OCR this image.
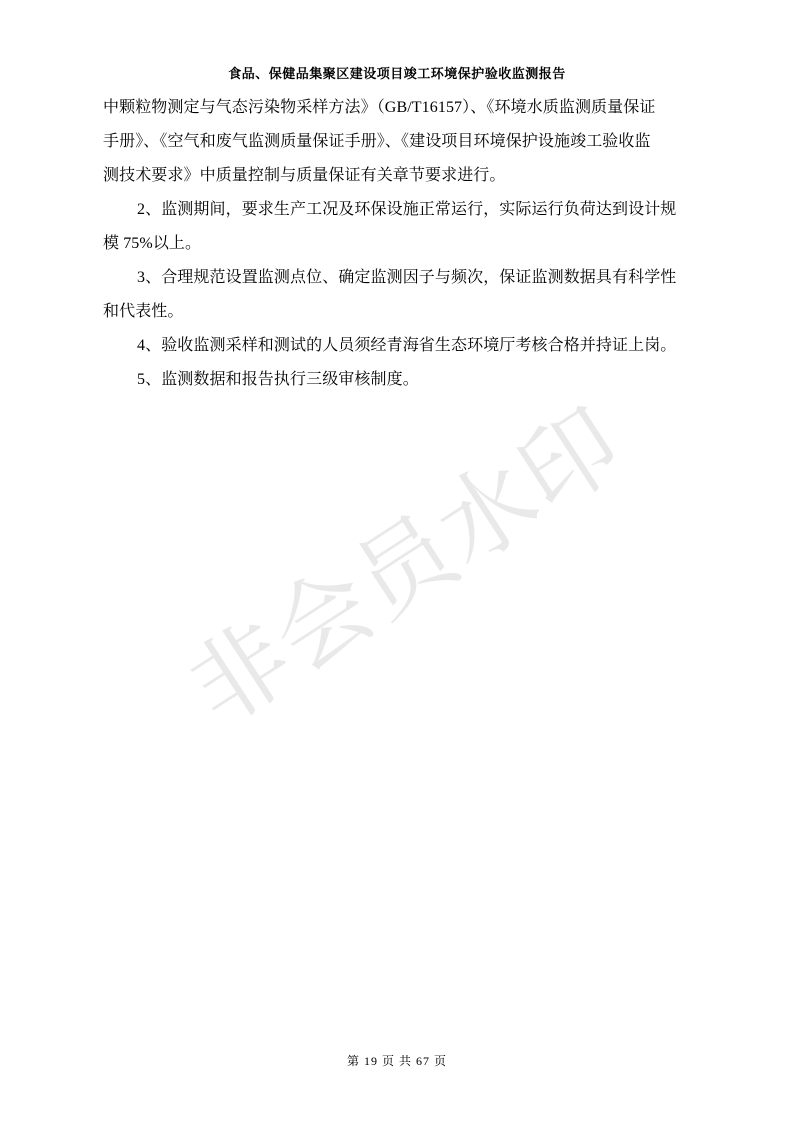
食品、保健品集聚区建设项目竣工环境保护验收监测报告
非会员水印
中颗粒物测定与气态污染物采样方法》（GB/T16157）、《环境水质监测质量保证
手册》、《空气和废气监测质量保证手册》、《建设项目环境保护设施竣工验收监
测技术要求》中质量控制与质量保证有关章节要求进行。
2、监测期间，要求生产工况及环保设施正常运行，实际运行负荷达到设计规
模 75%以上。
3、合理规范设置监测点位、确定监测因子与频次，保证监测数据具有科学性
和代表性。
4、验收监测采样和测试的人员须经青海省生态环境厅考核合格并持证上岗。
5、监测数据和报告执行三级审核制度。
第 19 页 共 67 页
